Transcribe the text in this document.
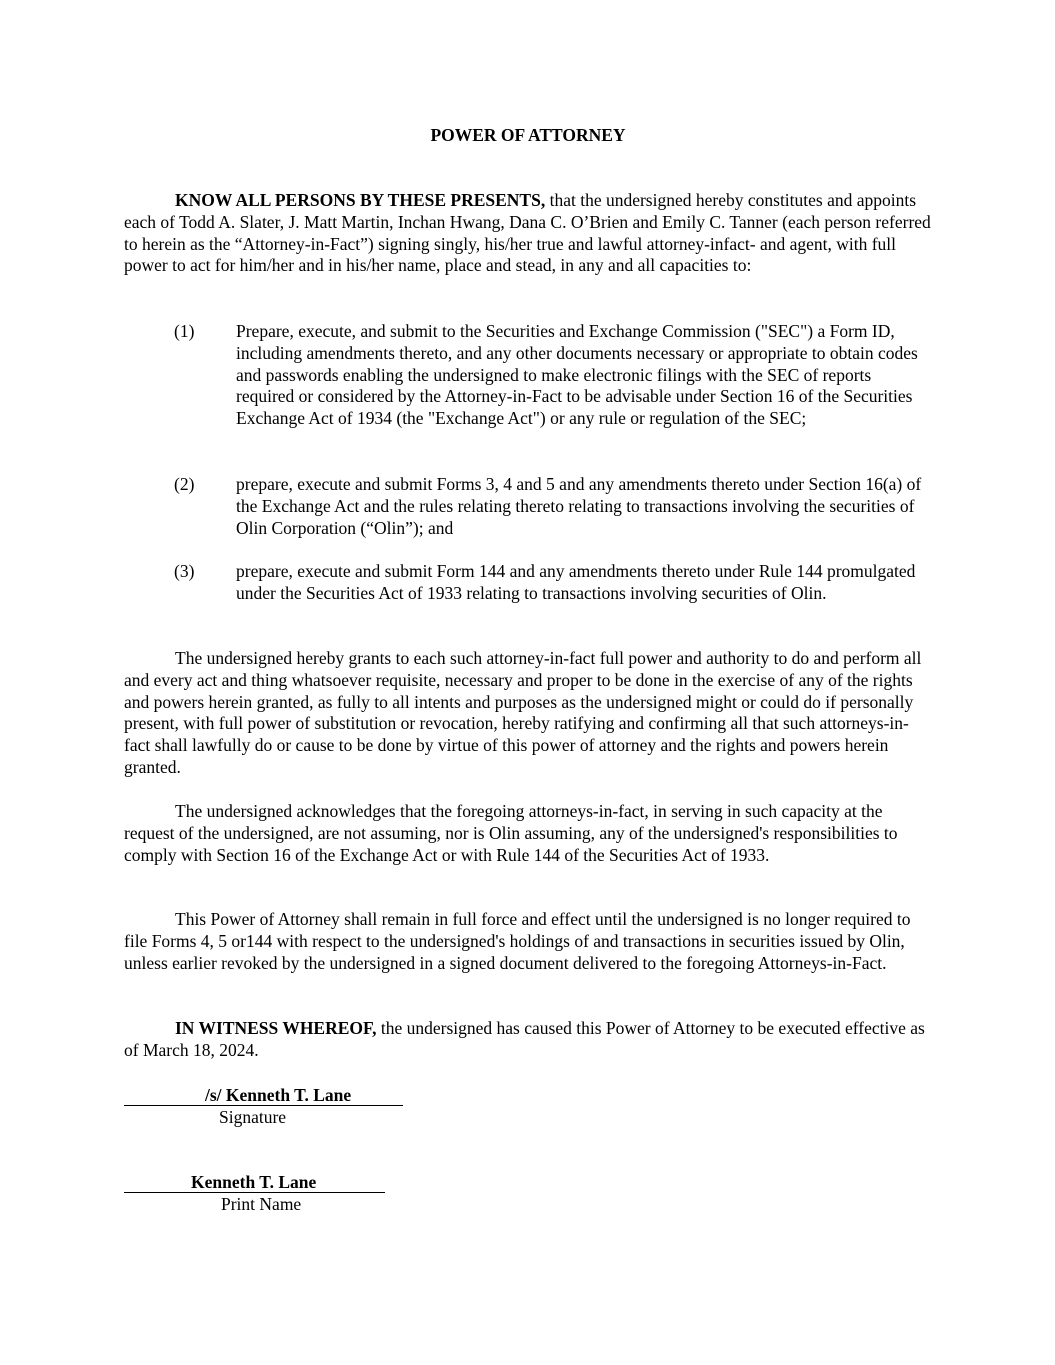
POWER OF ATTORNEY

KNOW ALL PERSONS BY THESE PRESENTS, that the undersigned hereby constitutes and appoints each of Todd A. Slater, J. Matt Martin, Inchan Hwang, Dana C. O’Brien and Emily C. Tanner (each person referred to herein as the “Attorney-in-Fact”) signing singly, his/her true and lawful attorney-infact- and agent, with full power to act for him/her and in his/her name, place and stead, in any and all capacities to:

(1) Prepare, execute, and submit to the Securities and Exchange Commission ("SEC") a Form ID, including amendments thereto, and any other documents necessary or appropriate to obtain codes and passwords enabling the undersigned to make electronic filings with the SEC of reports required or considered by the Attorney-in-Fact to be advisable under Section 16 of the Securities Exchange Act of 1934 (the "Exchange Act") or any rule or regulation of the SEC;
(2) prepare, execute and submit Forms 3, 4 and 5 and any amendments thereto under Section 16(a) of the Exchange Act and the rules relating thereto relating to transactions involving the securities of Olin Corporation (“Olin”); and
(3) prepare, execute and submit Form 144 and any amendments thereto under Rule 144 promulgated under the Securities Act of 1933 relating to transactions involving securities of Olin.

The undersigned hereby grants to each such attorney-in-fact full power and authority to do and perform all and every act and thing whatsoever requisite, necessary and proper to be done in the exercise of any of the rights and powers herein granted, as fully to all intents and purposes as the undersigned might or could do if personally present, with full power of substitution or revocation, hereby ratifying and confirming all that such attorneys-in-fact shall lawfully do or cause to be done by virtue of this power of attorney and the rights and powers herein granted.

The undersigned acknowledges that the foregoing attorneys-in-fact, in serving in such capacity at the request of the undersigned, are not assuming, nor is Olin assuming, any of the undersigned's responsibilities to comply with Section 16 of the Exchange Act or with Rule 144 of the Securities Act of 1933.

This Power of Attorney shall remain in full force and effect until the undersigned is no longer required to file Forms 4, 5 or144 with respect to the undersigned's holdings of and transactions in securities issued by Olin, unless earlier revoked by the undersigned in a signed document delivered to the foregoing Attorneys-in-Fact.

IN WITNESS WHEREOF, the undersigned has caused this Power of Attorney to be executed effective as of March 18, 2024.

/s/ Kenneth T. Lane

Signature
Kenneth T. Lane

Print Name
